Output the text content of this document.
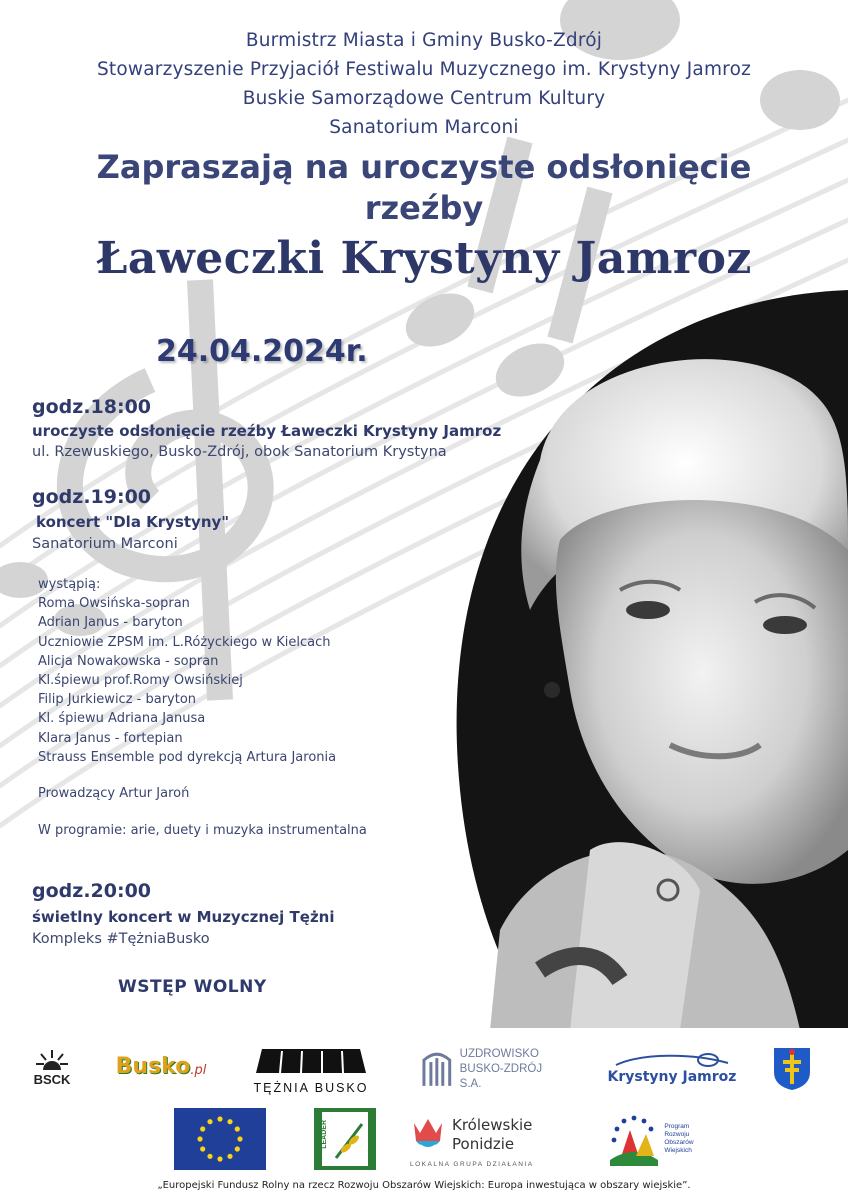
Burmistrz Miasta i Gminy Busko-Zdrój
Stowarzyszenie Przyjaciół Festiwalu Muzycznego im. Krystyny Jamroz
Buskie Samorządowe Centrum Kultury
Sanatorium Marconi
Zapraszają na uroczyste odsłonięcie
rzeźby
Ławeczki Krystyny Jamroz
24.04.2024r.
godz.18:00
uroczyste odsłonięcie rzeźby Ławeczki Krystyny Jamroz
ul. Rzewuskiego, Busko-Zdrój, obok Sanatorium Krystyna
godz.19:00
koncert "Dla Krystyny"
Sanatorium Marconi
wystąpią:
Roma Owsińska-sopran
Adrian Janus - baryton
Uczniowie ZPSM im. L.Różyckiego w Kielcach
Alicja Nowakowska - sopran
Kl.śpiewu prof.Romy Owsińskiej
Filip Jurkiewicz - baryton
Kl. śpiewu Adriana Janusa
Klara Janus - fortepian
Strauss Ensemble pod dyrekcją Artura Jaronia
Prowadzący Artur Jaroń
W programie: arie, duety i muzyka instrumentalna
godz.20:00
świetlny koncert w Muzycznej Tężni
Kompleks #TężniaBusko
WSTĘP WOLNY
BSCK
Busko .pl
TĘŻNIA BUSKO
UZDROWISKO
BUSKO-ZDRÓJ S.A.	Krystyny Jamroz
LEADER	Królewskie
Ponidzie
LOKALNA GRUPA DZIAŁANIA
Program
Rozwoju
Obszarów
Wiejskich
„Europejski Fundusz Rolny na rzecz Rozwoju Obszarów Wiejskich: Europa inwestująca w obszary wiejskie”.
